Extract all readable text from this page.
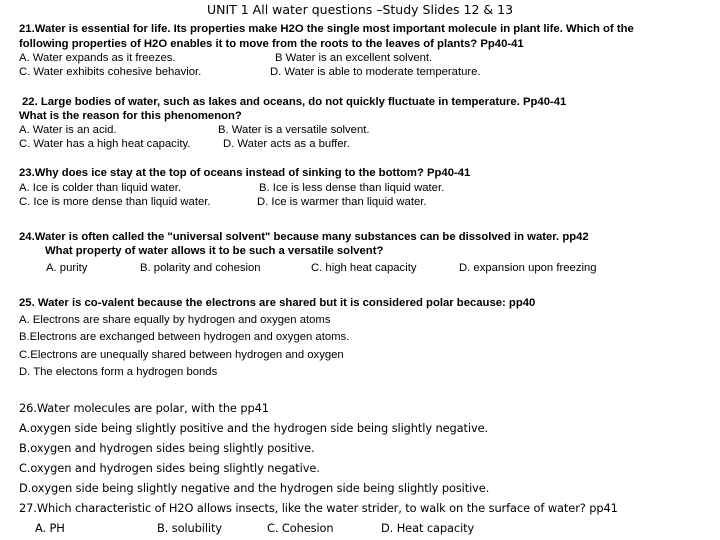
UNIT 1 All water questions –Study Slides 12 & 13
21.Water is essential for life. Its properties make H2O the single most important molecule in plant life. Which of the
following properties of H2O enables it to move from the roots to the leaves of plants? Pp40-41
A. Water expands as it freezes.	B Water is an excellent solvent.
C. Water exhibits cohesive behavior.	D. Water is able to moderate temperature.
22. Large bodies of water, such as lakes and oceans, do not quickly fluctuate in temperature. Pp40-41
What is the reason for this phenomenon?
A. Water is an acid.	B. Water is a versatile solvent.
C. Water has a high heat capacity.	D. Water acts as a buffer.
23.Why does ice stay at the top of oceans instead of sinking to the bottom? Pp40-41
A. Ice is colder than liquid water.	B. Ice is less dense than liquid water.
C. Ice is more dense than liquid water.	D. Ice is warmer than liquid water.
24.Water is often called the "universal solvent" because many substances can be dissolved in water. pp42
What property of water allows it to be such a versatile solvent?
A. purity	B. polarity and cohesion	C. high heat capacity	D. expansion upon freezing
25. Water is co-valent because the electrons are shared but it is considered polar because: pp40
A. Electrons are share equally by hydrogen and oxygen atoms
B.Electrons are exchanged between hydrogen and oxygen atoms.
C.Electrons are unequally shared between hydrogen and oxygen
D. The electons form a hydrogen bonds
26.Water molecules are polar, with the pp41
A.oxygen side being slightly positive and the hydrogen side being slightly negative.
B.oxygen and hydrogen sides being slightly positive.
C.oxygen and hydrogen sides being slightly negative.
D.oxygen side being slightly negative and the hydrogen side being slightly positive.
27.Which characteristic of H2O allows insects, like the water strider, to walk on the surface of water? pp41
A. PH	B. solubility	C. Cohesion	D. Heat capacity
